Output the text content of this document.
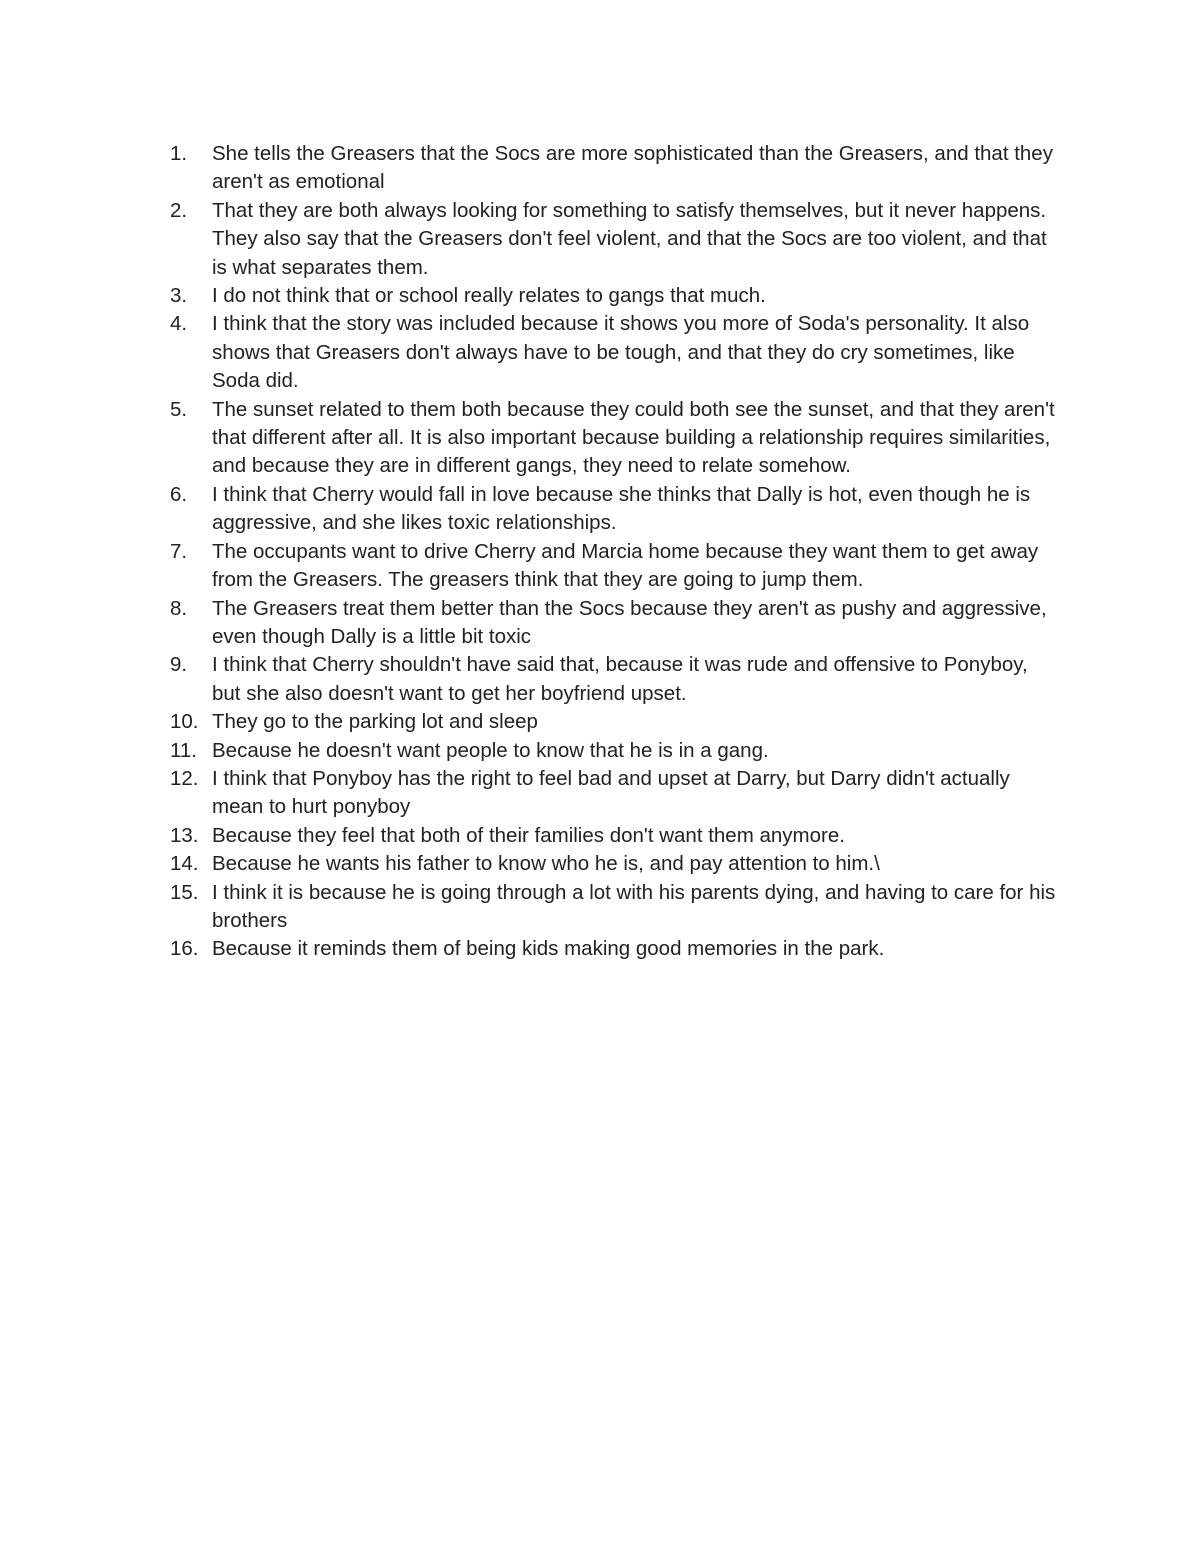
1.	She tells the Greasers that the Socs are more sophisticated than the Greasers, and that they aren't as emotional
2.	That they are both always looking for something to satisfy themselves, but it never happens. They also say that the Greasers don't feel violent, and that the Socs are too violent, and that is what separates them.
3.	I do not think that or school really relates to gangs that much.
4.	I think that the story was included because it shows you more of Soda's personality. It also shows that Greasers don't always have to be tough, and that they do cry sometimes, like Soda did.
5.	The sunset related to them both because they could both see the sunset, and that they aren't that different after all. It is also important because building a relationship requires similarities, and because they are in different gangs, they need to relate somehow.
6.	I think that Cherry would fall in love because she thinks that Dally is hot, even though he is aggressive, and she likes toxic relationships.
7.	The occupants want to drive Cherry and Marcia home because they want them to get away from the Greasers. The greasers think that they are going to jump them.
8.	The Greasers treat them better than the Socs because they aren't as pushy and aggressive, even though Dally is a little bit toxic
9.	I think that Cherry shouldn't have said that, because it was rude and offensive to Ponyboy, but she also doesn't want to get her boyfriend upset.
10. They go to the parking lot and sleep
11. Because he doesn't want people to know that he is in a gang.
12. I think that Ponyboy has the right to feel bad and upset at Darry, but Darry didn't actually mean to hurt ponyboy
13. Because they feel that both of their families don't want them anymore.
14. Because he wants his father to know who he is, and pay attention to him.\
15. I think it is because he is going through a lot with his parents dying, and having to care for his brothers
16. Because it reminds them of being kids making good memories in the park.
